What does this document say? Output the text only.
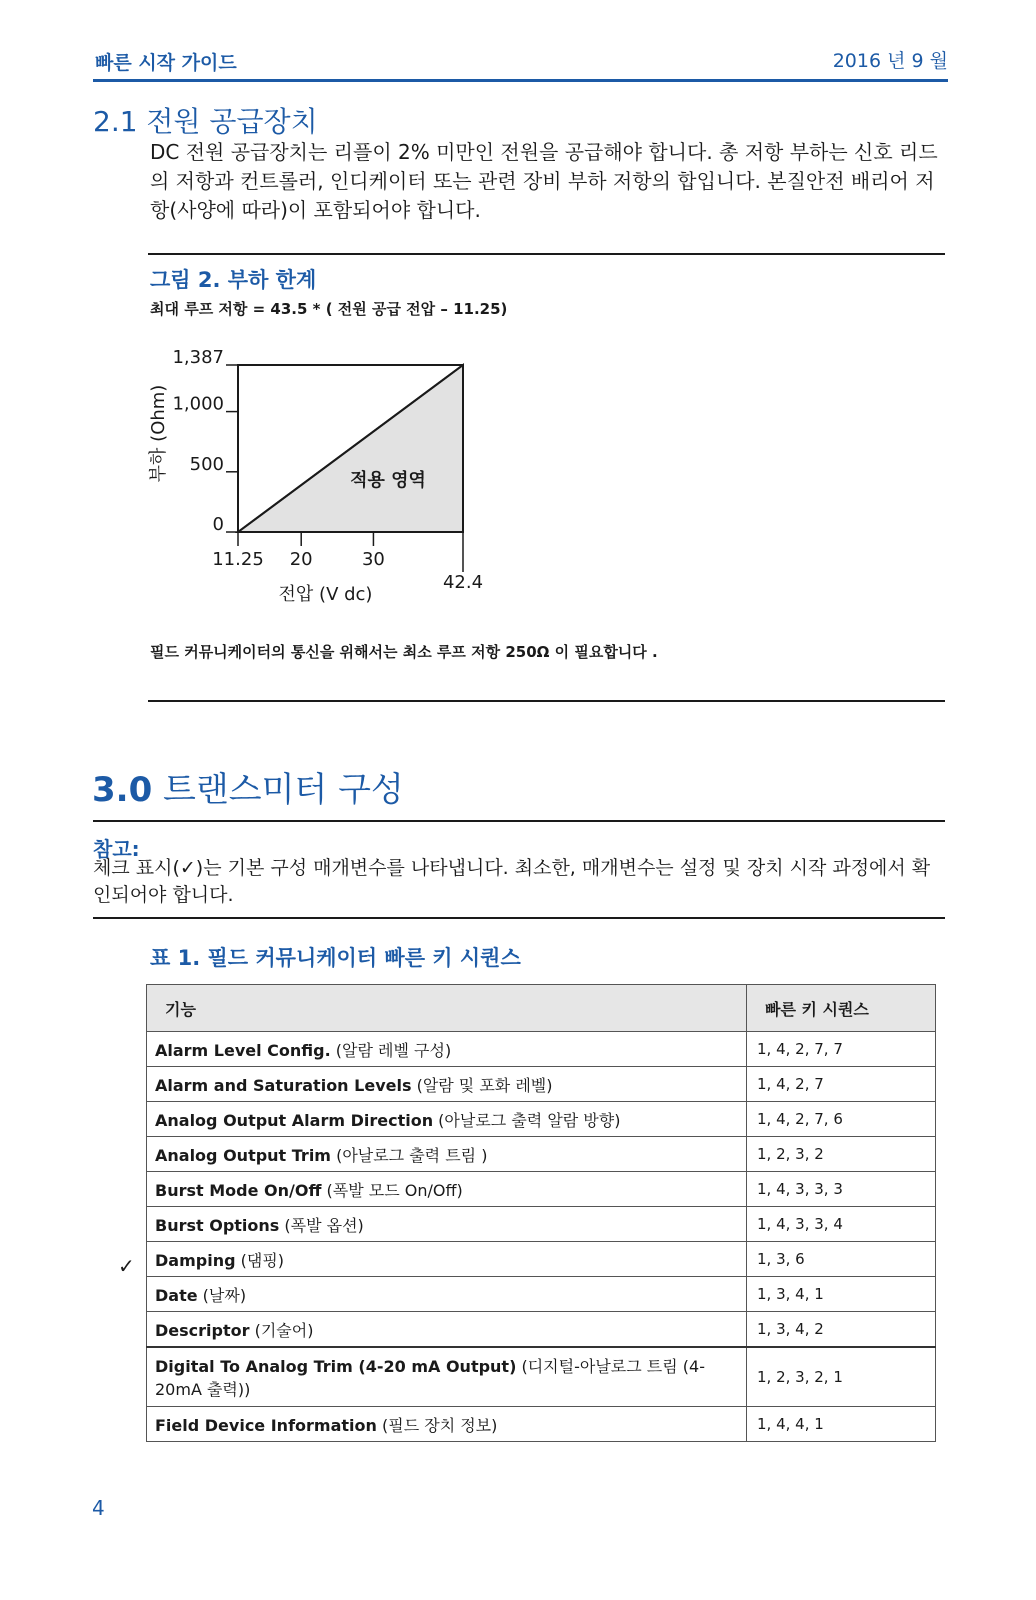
빠른 시작 가이드	2016 년 9 월
2.1 전원 공급장치
DC 전원 공급장치는 리플이 2% 미만인 전원을 공급해야 합니다. 총 저항 부하는 신호 리드의 저항과 컨트롤러, 인디케이터 또는 관련 장비 부하 저항의 합입니다. 본질안전 배리어 저항(사양에 따라)이 포함되어야 합니다.
그림 2. 부하 한계
최대 루프 저항 = 43.5 * ( 전원 공급 전압 – 11.25)
0
500
1,000
1,387
11.25 20	30
42.4
전압 (V dc)
부하 (Ohm)	적용 영역
필드 커뮤니케이터의 통신을 위해서는 최소 루프 저항 250Ω 이 필요합니다 .
3.0 트랜스미터 구성
참고:
체크 표시(✓)는 기본 구성 매개변수를 나타냅니다. 최소한, 매개변수는 설정 및 장치 시작 과정에서 확인되어야 합니다.
표 1. 필드 커뮤니케이터 빠른 키 시퀀스
기능	빠른 키 시퀀스
Alarm Level Config. (알람 레벨 구성)	1, 4, 2, 7, 7
Alarm and Saturation Levels (알람 및 포화 레벨)	1, 4, 2, 7
Analog Output Alarm Direction (아날로그 출력 알람 방향)	1, 4, 2, 7, 6
Analog Output Trim (아날로그 출력 트림 )	1, 2, 3, 2
Burst Mode On/Off (폭발 모드 On/Off)	1, 4, 3, 3, 3
Burst Options (폭발 옵션)	1, 4, 3, 3, 4
Damping (댐핑)	1, 3, 6
Date (날짜)	1, 3, 4, 1
Descriptor (기술어)	1, 3, 4, 2
Digital To Analog Trim (4-20 mA Output) (디지털-아날로그 트림 (4-20mA 출력))	1, 2, 3, 2, 1
Field Device Information (필드 장치 정보)	1, 4, 4, 1
✓
4
